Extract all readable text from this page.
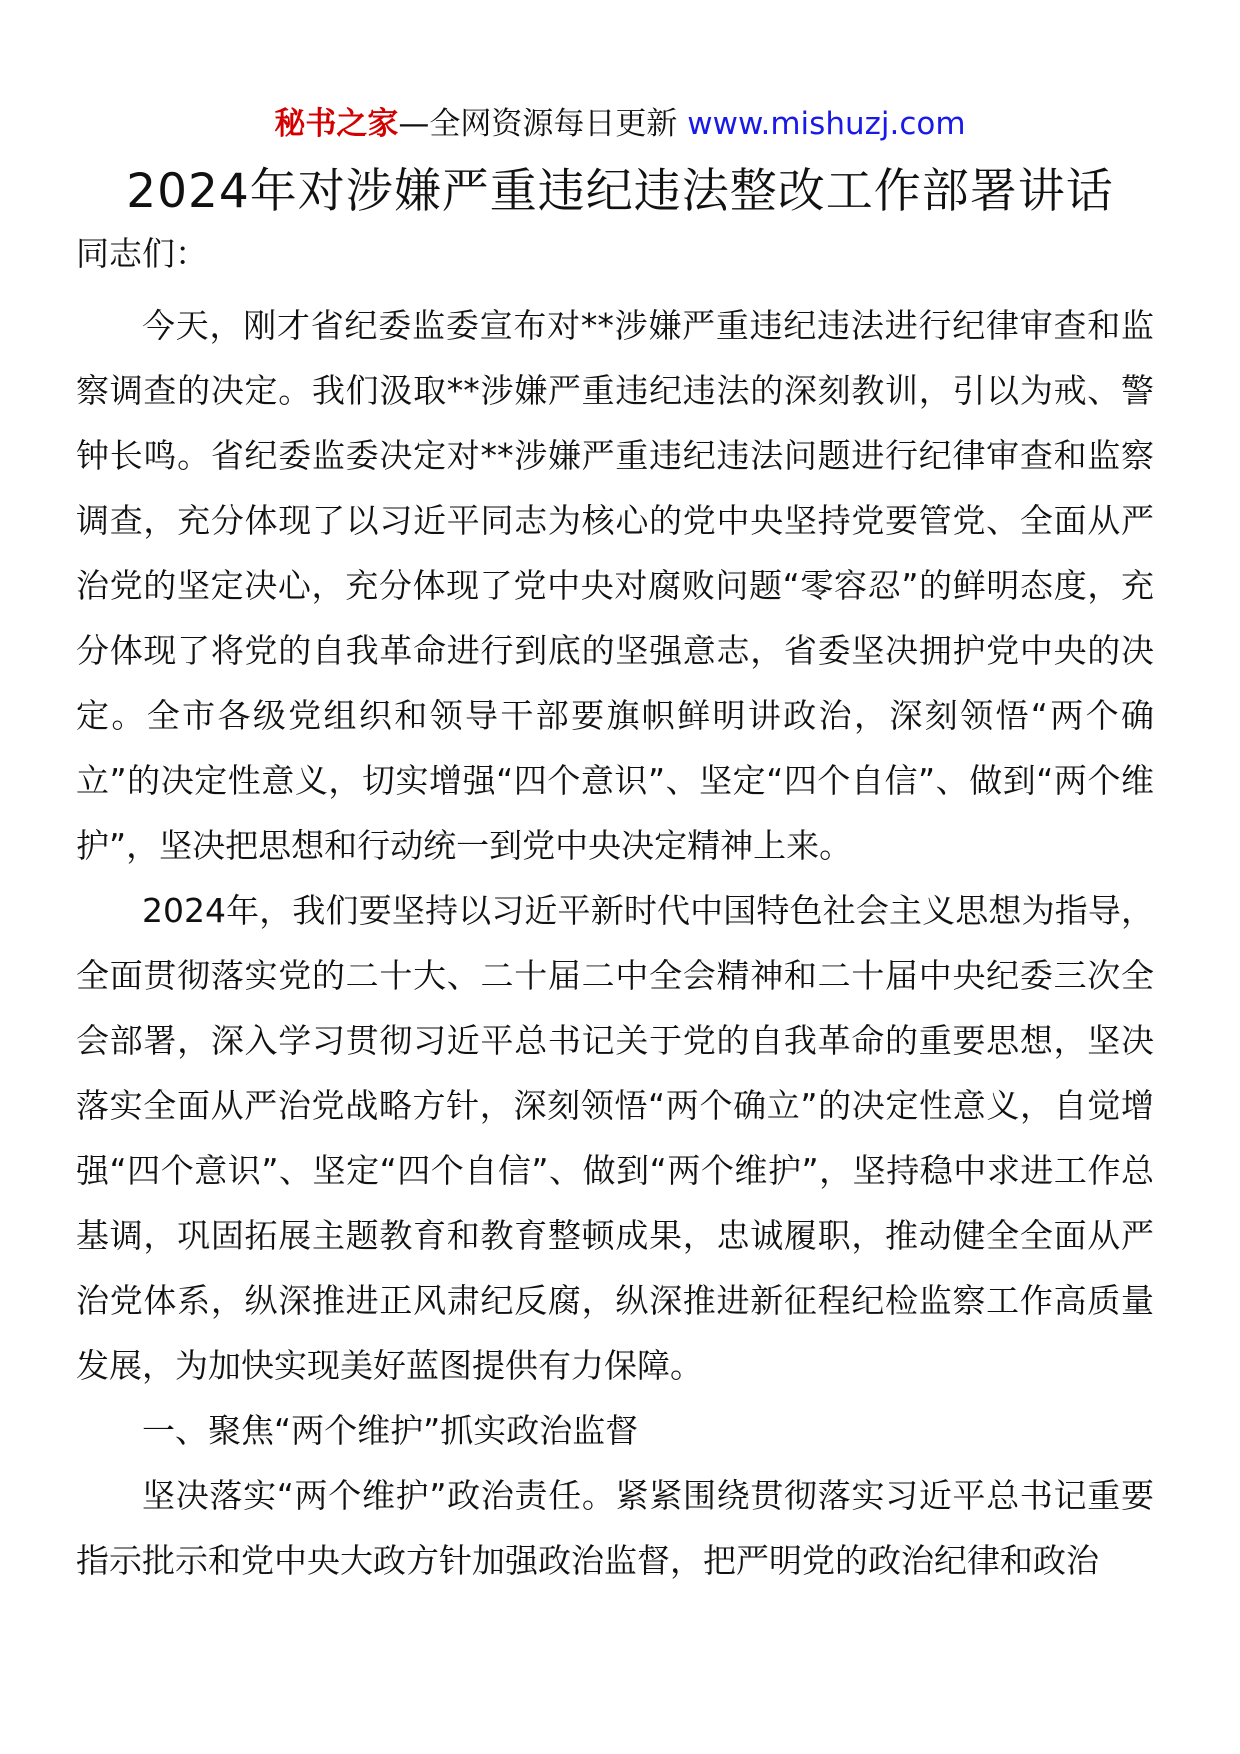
秘书之家—全网资源每日更新 www.mishuzj.com
2024年对涉嫌严重违纪违法整改工作部署讲话
同志们：

今天，刚才省纪委监委宣布对**涉嫌严重违纪违法进行纪律审查和监察调查的决定。我们汲取**涉嫌严重违纪违法的深刻教训，引以为戒、警钟长鸣。省纪委监委决定对**涉嫌严重违纪违法问题进行纪律审查和监察调查，充分体现了以习近平同志为核心的党中央坚持党要管党、全面从严治党的坚定决心，充分体现了党中央对腐败问题“零容忍”的鲜明态度，充分体现了将党的自我革命进行到底的坚强意志，省委坚决拥护党中央的决定。全市各级党组织和领导干部要旗帜鲜明讲政治，深刻领悟“两个确立”的决定性意义，切实增强“四个意识”、坚定“四个自信”、做到“两个维护”，坚决把思想和行动统一到党中央决定精神上来。

2024年，我们要坚持以习近平新时代中国特色社会主义思想为指导，全面贯彻落实党的二十大、二十届二中全会精神和二十届中央纪委三次全会部署，深入学习贯彻习近平总书记关于党的自我革命的重要思想，坚决落实全面从严治党战略方针，深刻领悟“两个确立”的决定性意义，自觉增强“四个意识”、坚定“四个自信”、做到“两个维护”，坚持稳中求进工作总基调，巩固拓展主题教育和教育整顿成果，忠诚履职，推动健全全面从严治党体系，纵深推进正风肃纪反腐，纵深推进新征程纪检监察工作高质量发展，为加快实现美好蓝图提供有力保障。

一、聚焦“两个维护”抓实政治监督

坚决落实“两个维护”政治责任。紧紧围绕贯彻落实习近平总书记重要指示批示和党中央大政方针加强政治监督，把严明党的政治纪律和政治
